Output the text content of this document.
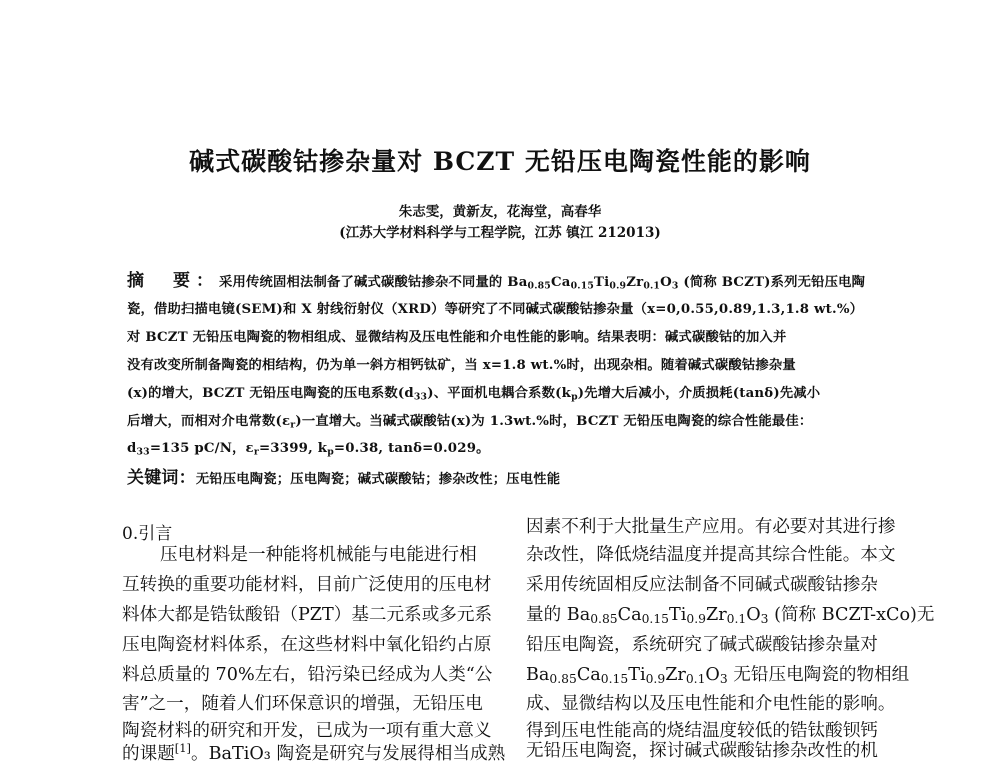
碱式碳酸钴掺杂量对 BCZT 无铅压电陶瓷性能的影响
朱志雯，黄新友，花海堂，高春华
(江苏大学材料科学与工程学院，江苏 镇江 212013)
摘　要：采用传统固相法制备了碱式碳酸钴掺杂不同量的 $Ba_{0.85}Ca_{0.15}Ti_{0.9}Zr_{0.1}O_3$ (简称 BCZT)系列无铅压电陶
瓷，借助扫描电镜(SEM)和 X 射线衍射仪（XRD）等研究了不同碱式碳酸钴掺杂量（x=0,0.55,0.89,1.3,1.8 wt.%）
对 BCZT 无铅压电陶瓷的物相组成、显微结构及压电性能和介电性能的影响。结果表明：碱式碳酸钴的加入并
没有改变所制备陶瓷的相结构，仍为单一斜方相钙钛矿，当 x=1.8 wt.%时，出现杂相。随着碱式碳酸钴掺杂量
(x)的增大，BCZT 无铅压电陶瓷的压电系数$(d_{33})$、平面机电耦合系数$(k_p)$先增大后减小，介质损耗(tanδ)先减小
后增大，而相对介电常数$(\varepsilon_r)$一直增大。当碱式碳酸钴(x)为 1.3wt.%时，BCZT 无铅压电陶瓷的综合性能最佳：
$d_{33}=135$ pC/N，$\varepsilon_r=3399$, $k_p=0.38$, tanδ=0.029。
关键词：无铅压电陶瓷；压电陶瓷；碱式碳酸钴；掺杂改性；压电性能
0.引言
压电材料是一种能将机械能与电能进行相
互转换的重要功能材料，目前广泛使用的压电材
料体大都是锆钛酸铅（PZT）基二元系或多元系
压电陶瓷材料体系，在这些材料中氧化铅约占原
料总质量的 70%左右，铅污染已经成为人类“公
害”之一，随着人们环保意识的增强，无铅压电
陶瓷材料的研究和开发，已成为一项有重大意义
的课题[1]。BaTiO₃ 陶瓷是研究与发展得相当成熟
因素不利于大批量生产应用。有必要对其进行掺
杂改性，降低烧结温度并提高其综合性能。本文
采用传统固相反应法制备不同碱式碳酸钴掺杂
量的 $Ba_{0.85}Ca_{0.15}Ti_{0.9}Zr_{0.1}O_3$ (简称 BCZT-xCo)无
铅压电陶瓷，系统研究了碱式碳酸钴掺杂量对
$Ba_{0.85}Ca_{0.15}Ti_{0.9}Zr_{0.1}O_3$ 无铅压电陶瓷的物相组
成、显微结构以及压电性能和介电性能的影响。
得到压电性能高的烧结温度较低的锆钛酸钡钙
无铅压电陶瓷，探讨碱式碳酸钴掺杂改性的机
